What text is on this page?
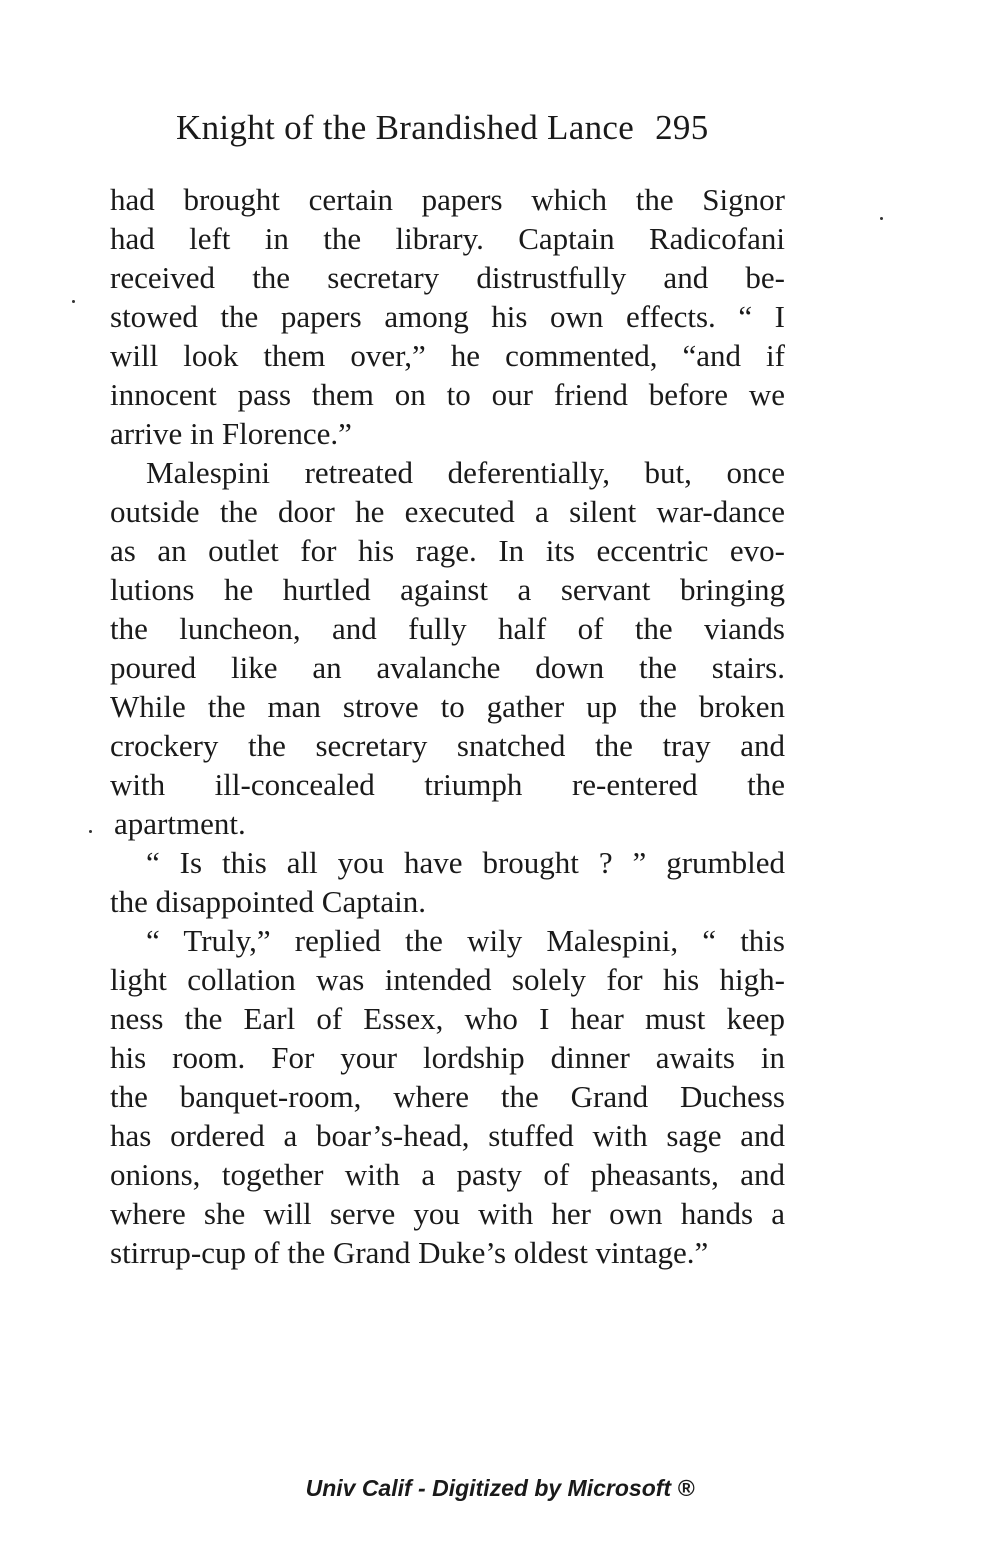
Knight of the Brandished Lance 295
had brought certain papers which the Signor
had left in the library. Captain Radicofani
received the secretary distrustfully and be-
stowed the papers among his own effects. “ I
will look them over,” he commented, “and if
innocent pass them on to our friend before we
arrive in Florence.”
Malespini retreated deferentially, but, once
outside the door he executed a silent war-dance
as an outlet for his rage. In its eccentric evo-
lutions he hurtled against a servant bringing
the luncheon, and fully half of the viands
poured like an avalanche down the stairs.
While the man strove to gather up the broken
crockery the secretary snatched the tray and
with ill-concealed triumph re-entered the
apartment.
“ Is this all you have brought ? ” grumbled
the disappointed Captain.
“ Truly,” replied the wily Malespini, “ this
light collation was intended solely for his high-
ness the Earl of Essex, who I hear must keep
his room. For your lordship dinner awaits in
the banquet-room, where the Grand Duchess
has ordered a boar’s-head, stuffed with sage and
onions, together with a pasty of pheasants, and
where she will serve you with her own hands a
stirrup-cup of the Grand Duke’s oldest vintage.”
Univ Calif - Digitized by Microsoft ®
